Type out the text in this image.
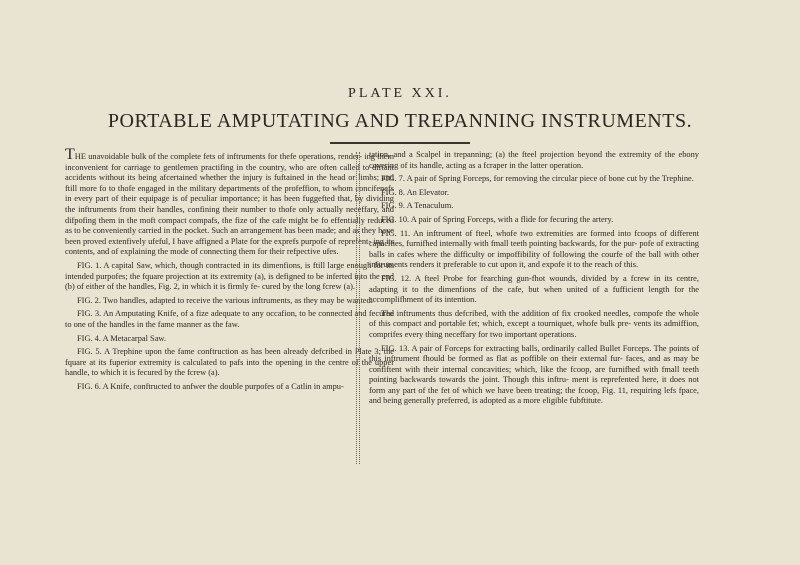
PLATE XXI.
PORTABLE AMPUTATING AND TREPANNING INSTRUMENTS.

THE unavoidable bulk of the complete fets of inftruments for thefe operations, render- ing them inconvenient for carriage to gentlemen practifing in the country, who are often called to diftant accidents without its being afcertained whether the injury is fuftained in the head or limbs; and ftill more fo to thofe engaged in the military departments of the profeffion, to whom concifenefs in every part of their equipage is of peculiar importance; it has been fuggefted that, by dividing the inftruments from their handles, confining their number to thofe only actually neceffary, and difpofing them in the moft compact compafs, the fize of the cafe might be fo effentially reduced as to be conveniently carried in the pocket. Such an arrangement has been made; and as they have been proved extenfively ufeful, I have affigned a Plate for the exprefs purpofe of reprefent- ing its contents, and of explaining the mode of connecting them for their refpective ufes.

FIG. 1. A capital Saw, which, though contracted in its dimenfions, is ftill large enough for its intended purpofes; the fquare projection at its extremity (a), is defigned to be inferted into the end (b) of either of the handles, Fig. 2, in which it is firmly fe- cured by the long fcrew (a).

FIG. 2. Two handles, adapted to receive the various inftruments, as they may be wanted.

FIG. 3. An Amputating Knife, of a fize adequate to any occafion, to be connected and fecured to one of the handles in the fame manner as the faw.

FIG. 4. A Metacarpal Saw.

FIG. 5. A Trephine upon the fame conftruction as has been already defcribed in Plate 3; the fquare at its fuperior extremity is calculated to pafs into the opening in the centre of the upper handle, to which it is fecured by the fcrew (a).

FIG. 6. A Knife, conftructed to anfwer the double purpofes of a Catlin in ampu-

tation, and a Scalpel in trepanning; (a) the fteel projection beyond the extremity of the ebony covering of its handle, acting as a fcraper in the latter operation.

FIG. 7. A pair of Spring Forceps, for removing the circular piece of bone cut by the Trephine.

FIG. 8. An Elevator.

FIG. 9. A Tenaculum.

FIG. 10. A pair of Spring Forceps, with a flide for fecuring the artery.

FIG. 11. An inftrument of fteel, whofe two extremities are formed into fcoops of different capacities, furnifhed internally with fmall teeth pointing backwards, for the pur- pofe of extracting balls in cafes where the difficulty or impoffibility of following the courfe of the ball with other inftruments renders it preferable to cut upon it, and expofe it to the reach of this.

FIG. 12. A fteel Probe for fearching gun-fhot wounds, divided by a fcrew in its centre, adapting it to the dimenfions of the cafe, but when united of a fufficient length for the accomplifhment of its intention.

The inftruments thus defcribed, with the addition of fix crooked needles, compofe the whole of this compact and portable fet; which, except a tourniquet, whofe bulk pre- vents its admiffion, comprifes every thing neceffary for two important operations.

FIG. 13. A pair of Forceps for extracting balls, ordinarily called Bullet Forceps. The points of this inftrument fhould be formed as flat as poffible on their external fur- faces, and as may be confiftent with their internal concavities; which, like the fcoop, are furnifhed with fmall teeth pointing backwards towards the joint. Though this inftru- ment is reprefented here, it does not form any part of the fet of which we have been treating; the fcoop, Fig. 11, requiring lefs fpace, and being generally preferred, is adopted as a more eligible fubftitute.
